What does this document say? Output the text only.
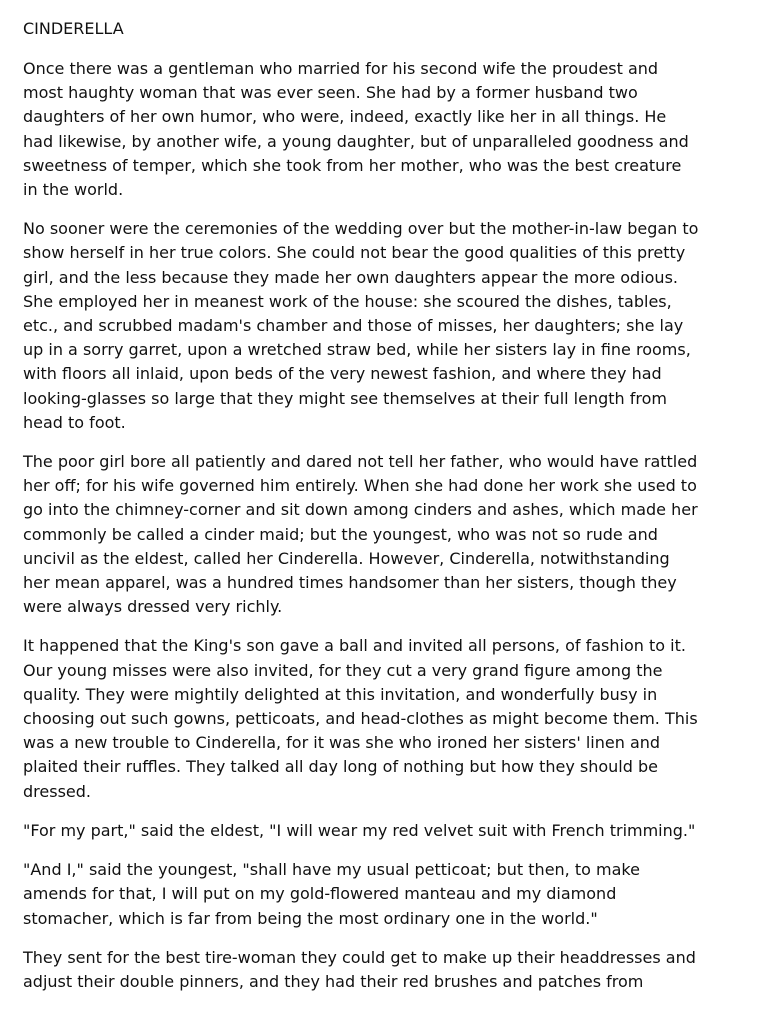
CINDERELLA

Once there was a gentleman who married for his second wife the proudest and
most haughty woman that was ever seen. She had by a former husband two
daughters of her own humor, who were, indeed, exactly like her in all things. He
had likewise, by another wife, a young daughter, but of unparalleled goodness and
sweetness of temper, which she took from her mother, who was the best creature
in the world.

No sooner were the ceremonies of the wedding over but the mother-in-law began to
show herself in her true colors. She could not bear the good qualities of this pretty
girl, and the less because they made her own daughters appear the more odious.
She employed her in meanest work of the house: she scoured the dishes, tables,
etc., and scrubbed madam's chamber and those of misses, her daughters; she lay
up in a sorry garret, upon a wretched straw bed, while her sisters lay in fine rooms,
with floors all inlaid, upon beds of the very newest fashion, and where they had
looking-glasses so large that they might see themselves at their full length from
head to foot.

The poor girl bore all patiently and dared not tell her father, who would have rattled
her off; for his wife governed him entirely. When she had done her work she used to
go into the chimney-corner and sit down among cinders and ashes, which made her
commonly be called a cinder maid; but the youngest, who was not so rude and
uncivil as the eldest, called her Cinderella. However, Cinderella, notwithstanding
her mean apparel, was a hundred times handsomer than her sisters, though they
were always dressed very richly.

It happened that the King's son gave a ball and invited all persons, of fashion to it.
Our young misses were also invited, for they cut a very grand figure among the
quality. They were mightily delighted at this invitation, and wonderfully busy in
choosing out such gowns, petticoats, and head-clothes as might become them. This
was a new trouble to Cinderella, for it was she who ironed her sisters' linen and
plaited their ruffles. They talked all day long of nothing but how they should be
dressed.

"For my part," said the eldest, "I will wear my red velvet suit with French trimming."

"And I," said the youngest, "shall have my usual petticoat; but then, to make
amends for that, I will put on my gold-flowered manteau and my diamond
stomacher, which is far from being the most ordinary one in the world."

They sent for the best tire-woman they could get to make up their headdresses and
adjust their double pinners, and they had their red brushes and patches from
